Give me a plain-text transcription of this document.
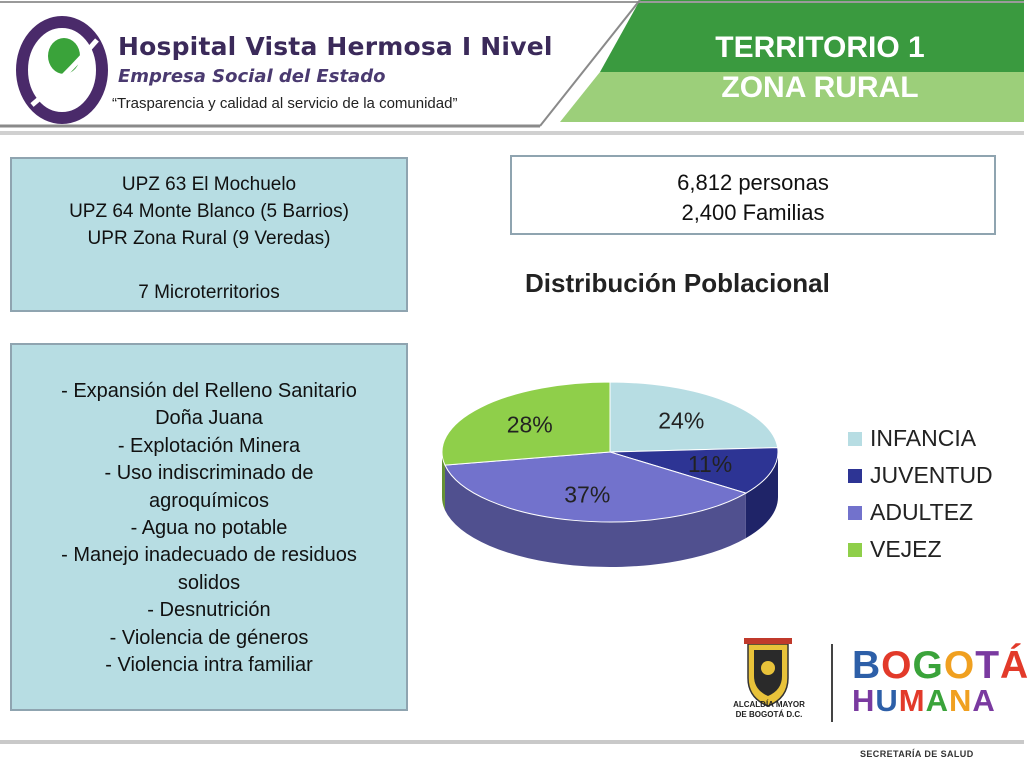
Hospital Vista Hermosa I Nivel
Empresa Social del Estado
“Trasparencia y calidad al servicio de la comunidad”
TERRITORIO 1
ZONA RURAL
UPZ 63 El Mochuelo
UPZ 64 Monte Blanco (5 Barrios)
UPR Zona Rural (9 Veredas)
7 Microterritorios
- Expansión del Relleno Sanitario
Doña Juana
- Explotación Minera
- Uso indiscriminado de
agroquímicos
- Agua no potable
- Manejo inadecuado de residuos
solidos
- Desnutrición
- Violencia de géneros
- Violencia intra familiar
6,812 personas
2,400 Familias
Distribución Poblacional
24%
11%
37%
28%
INFANCIA
JUVENTUD
ADULTEZ
VEJEZ
ALCALDÍA MAYOR DE BOGOTÁ D.C.
BOGOTÁ
HUMANA
SECRETARÍA DE SALUD
